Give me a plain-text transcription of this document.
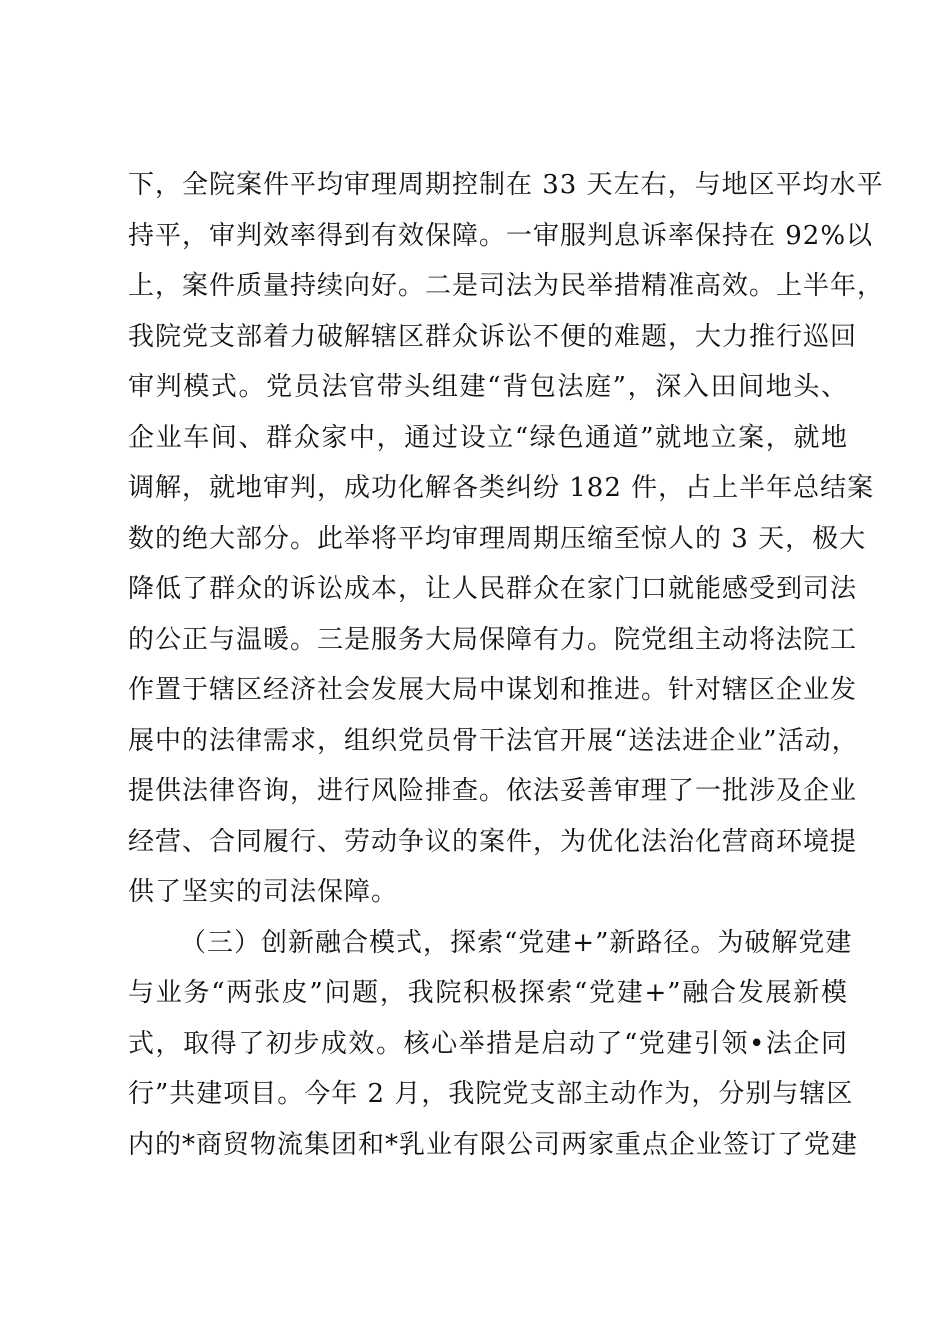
下，全院案件平均审理周期控制在 33 天左右，与地区平均水平
持平，审判效率得到有效保障。一审服判息诉率保持在 92%以
上，案件质量持续向好。二是司法为民举措精准高效。上半年，
我院党支部着力破解辖区群众诉讼不便的难题，大力推行巡回
审判模式。党员法官带头组建“背包法庭”，深入田间地头、
企业车间、群众家中，通过设立“绿色通道”就地立案，就地
调解，就地审判，成功化解各类纠纷 182 件，占上半年总结案
数的绝大部分。此举将平均审理周期压缩至惊人的 3 天，极大
降低了群众的诉讼成本，让人民群众在家门口就能感受到司法
的公正与温暖。三是服务大局保障有力。院党组主动将法院工
作置于辖区经济社会发展大局中谋划和推进。针对辖区企业发
展中的法律需求，组织党员骨干法官开展“送法进企业”活动，
提供法律咨询，进行风险排查。依法妥善审理了一批涉及企业
经营、合同履行、劳动争议的案件，为优化法治化营商环境提
供了坚实的司法保障。
（三）创新融合模式，探索“党建+”新路径。为破解党建
与业务“两张皮”问题，我院积极探索“党建+”融合发展新模
式，取得了初步成效。核心举措是启动了“党建引领•法企同
行”共建项目。今年 2 月，我院党支部主动作为，分别与辖区
内的*商贸物流集团和*乳业有限公司两家重点企业签订了党建
